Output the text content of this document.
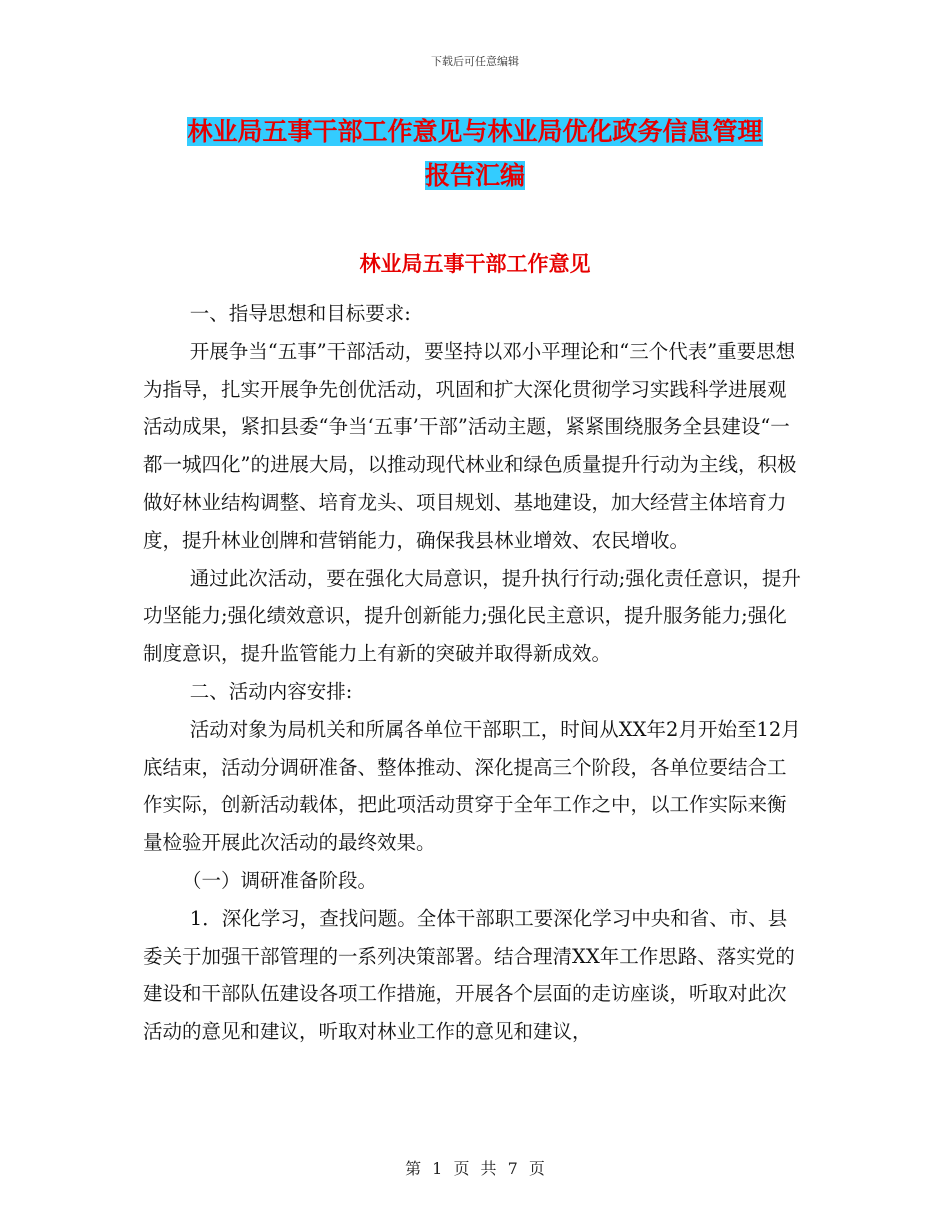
下载后可任意编辑
林业局五事干部工作意见与林业局优化政务信息管理
报告汇编
林业局五事干部工作意见

一、指导思想和目标要求:

开展争当“五事”干部活动，要坚持以邓小平理论和“三个代表”重要思想为指导，扎实开展争先创优活动，巩固和扩大深化贯彻学习实践科学进展观活动成果，紧扣县委“争当‘五事’干部”活动主题，紧紧围绕服务全县建设“一都一城四化”的进展大局，以推动现代林业和绿色质量提升行动为主线，积极做好林业结构调整、培育龙头、项目规划、基地建设，加大经营主体培育力度，提升林业创牌和营销能力，确保我县林业增效、农民增收。

通过此次活动，要在强化大局意识，提升执行行动;强化责任意识，提升功坚能力;强化绩效意识，提升创新能力;强化民主意识，提升服务能力;强化制度意识，提升监管能力上有新的突破并取得新成效。

二、活动内容安排:

活动对象为局机关和所属各单位干部职工，时间从XX年2月开始至12月底结束，活动分调研准备、整体推动、深化提高三个阶段，各单位要结合工作实际，创新活动载体，把此项活动贯穿于全年工作之中，以工作实际来衡量检验开展此次活动的最终效果。

（一）调研准备阶段。

1．深化学习，查找问题。全体干部职工要深化学习中央和省、市、县委关于加强干部管理的一系列决策部署。结合理清XX年工作思路、落实党的建设和干部队伍建设各项工作措施，开展各个层面的走访座谈，听取对此次活动的意见和建议，听取对林业工作的意见和建议，

第 1 页 共 7 页
